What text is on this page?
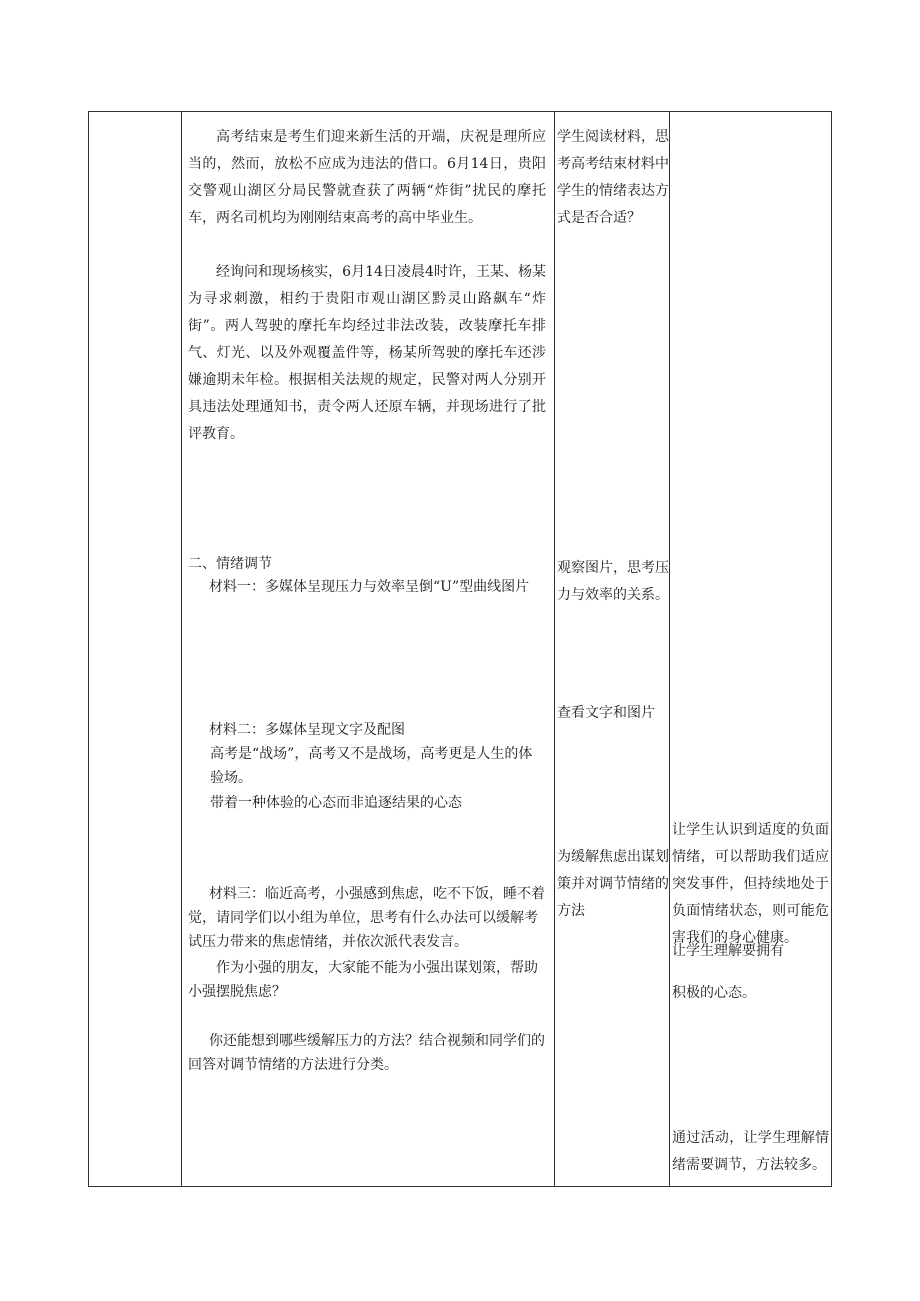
高考结束是考生们迎来新生活的开端，庆祝是理所应当的，然而，放松不应成为违法的借口。6月14日，贵阳交警观山湖区分局民警就查获了两辆“炸街”扰民的摩托车，两名司机均为刚刚结束高考的高中毕业生。

经询问和现场核实，6月14日凌晨4时许，王某、杨某为寻求刺激，相约于贵阳市观山湖区黔灵山路飙车“炸街”。两人驾驶的摩托车均经过非法改装，改装摩托车排气、灯光、以及外观覆盖件等，杨某所驾驶的摩托车还涉嫌逾期未年检。根据相关法规的规定，民警对两人分别开具违法处理通知书，责令两人还原车辆，并现场进行了批评教育。

二、情绪调节

材料一：多媒体呈现压力与效率呈倒“U”型曲线图片

材料二：多媒体呈现文字及配图

高考是“战场”，高考又不是战场，高考更是人生的体验场。

带着一种体验的心态而非追逐结果的心态

材料三：临近高考，小强感到焦虑，吃不下饭，睡不着觉，请同学们以小组为单位，思考有什么办法可以缓解考试压力带来的焦虑情绪，并依次派代表发言。

作为小强的朋友，大家能不能为小强出谋划策，帮助小强摆脱焦虑？

你还能想到哪些缓解压力的方法？结合视频和同学们的回答对调节情绪的方法进行分类。

学生阅读材料，思考高考结束材料中学生的情绪表达方式是否合适？

观察图片，思考压力与效率的关系。

查看文字和图片

为缓解焦虑出谋划策并对调节情绪的方法

让学生认识到适度的负面情绪，可以帮助我们适应突发事件，但持续地处于负面情绪状态，则可能危害我们的身心健康。

让学生理解要拥有

积极的心态。

通过活动，让学生理解情绪需要调节，方法较多。
